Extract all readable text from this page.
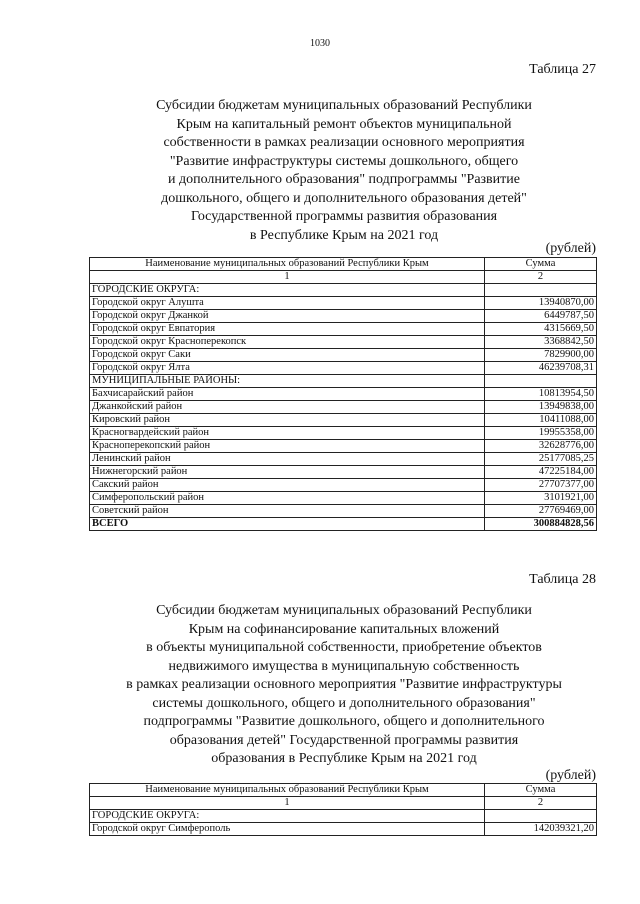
1030
Таблица 27
Субсидии бюджетам муниципальных образований Республики
Крым на капитальный ремонт объектов муниципальной
собственности в рамках реализации основного мероприятия
"Развитие инфраструктуры системы дошкольного, общего
и дополнительного образования" подпрограммы "Развитие
дошкольного, общего и дополнительного образования детей"
Государственной программы развития образования
в Республике Крым на 2021 год
(рублей)
Наименование муниципальных образований Республики Крым	Сумма
1	2
ГОРОДСКИЕ ОКРУГА:	
Городской округ Алушта	13940870,00
Городской округ Джанкой	6449787,50
Городской округ Евпатория	4315669,50
Городской округ Красноперекопск	3368842,50
Городской округ Саки	7829900,00
Городской округ Ялта	46239708,31
МУНИЦИПАЛЬНЫЕ РАЙОНЫ:	
Бахчисарайский район	10813954,50
Джанкойский район	13949838,00
Кировский район	10411088,00
Красногвардейский район	19955358,00
Красноперекопский район	32628776,00
Ленинский район	25177085,25
Нижнегорский район	47225184,00
Сакский район	27707377,00
Симферопольский район	3101921,00
Советский район	27769469,00
ВСЕГО	300884828,56
Таблица 28
Субсидии бюджетам муниципальных образований Республики
Крым на софинансирование капитальных вложений
в объекты муниципальной собственности, приобретение объектов
недвижимого имущества в муниципальную собственность
в рамках реализации основного мероприятия "Развитие инфраструктуры
системы дошкольного, общего и дополнительного образования"
подпрограммы "Развитие дошкольного, общего и дополнительного
образования детей" Государственной программы развития
образования в Республике Крым на 2021 год
(рублей)
Наименование муниципальных образований Республики Крым	Сумма
1	2
ГОРОДСКИЕ ОКРУГА:	
Городской округ Симферополь	142039321,20
